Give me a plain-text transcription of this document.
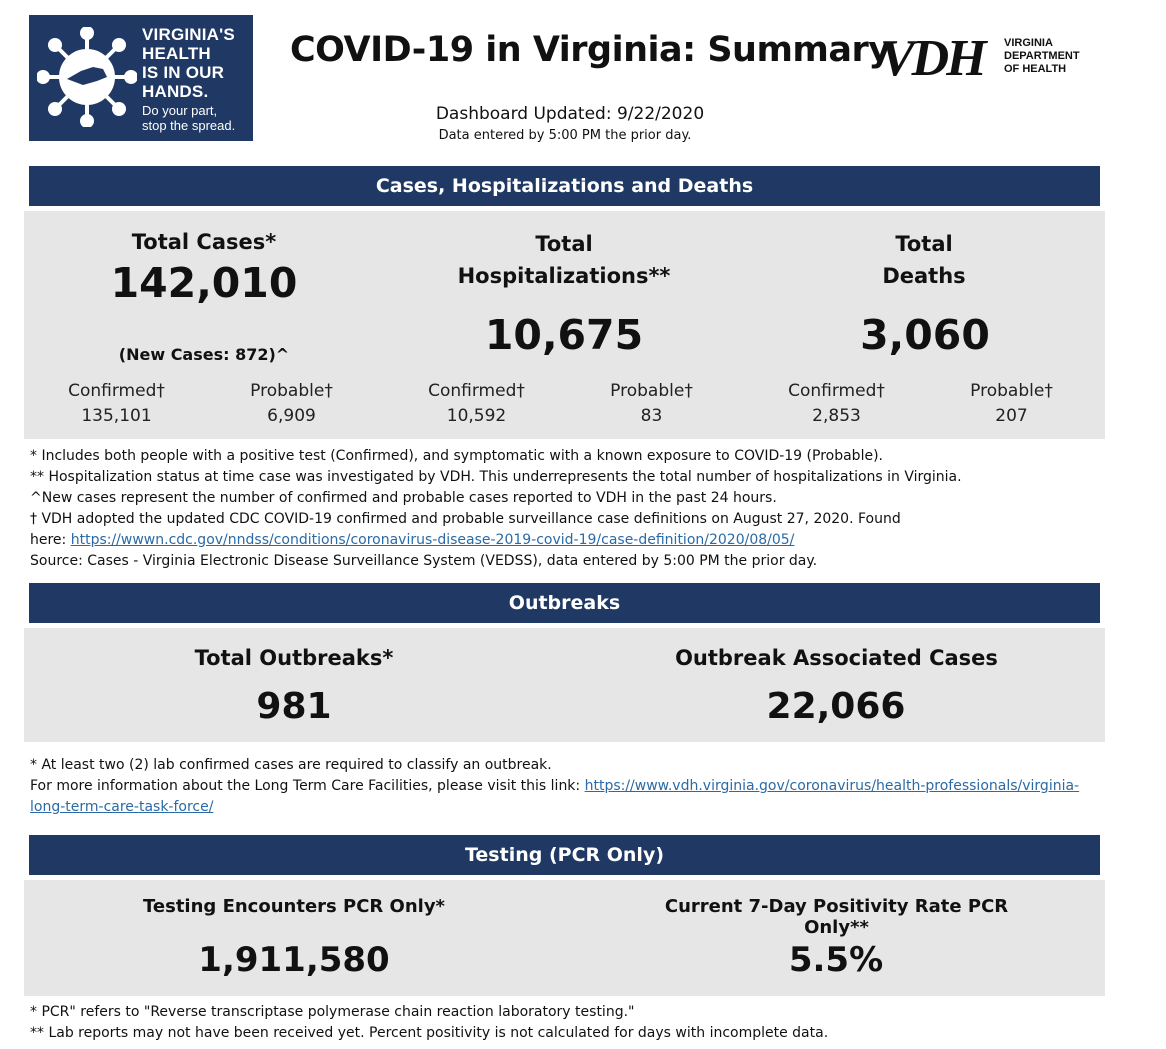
VIRGINIA'S
HEALTH
IS IN OUR
HANDS.
Do your part,
stop the spread.
COVID-19 in Virginia: Summary
VDH VIRGINIA
DEPARTMENT
OF HEALTH
Dashboard Updated: 9/22/2020
Data entered by 5:00 PM the prior day.
Cases, Hospitalizations and Deaths
Total Cases*
142,010
(New Cases: 872)^
Confirmed†
135,101
Probable†
6,909
Total
Hospitalizations**
10,675
Confirmed†
10,592
Probable†
83
Total
Deaths
3,060
Confirmed†
2,853
Probable†
207
* Includes both people with a positive test (Confirmed), and symptomatic with a known exposure to COVID-19 (Probable).
** Hospitalization status at time case was investigated by VDH. This underrepresents the total number of hospitalizations in Virginia.
^New cases represent the number of confirmed and probable cases reported to VDH in the past 24 hours.
† VDH adopted the updated CDC COVID-19 confirmed and probable surveillance case definitions on August 27, 2020. Found
here: https://wwwn.cdc.gov/nndss/conditions/coronavirus-disease-2019-covid-19/case-definition/2020/08/05/
Source: Cases - Virginia Electronic Disease Surveillance System (VEDSS), data entered by 5:00 PM the prior day.
Outbreaks
Total Outbreaks*
981
Outbreak Associated Cases
22,066
* At least two (2) lab confirmed cases are required to classify an outbreak.
For more information about the Long Term Care Facilities, please visit this link: https://www.vdh.virginia.gov/coronavirus/health-professionals/virginia-
long-term-care-task-force/
Testing (PCR Only)
Testing Encounters PCR Only*
1,911,580
Current 7-Day Positivity Rate PCR Only**
5.5%
* PCR" refers to "Reverse transcriptase polymerase chain reaction laboratory testing."
** Lab reports may not have been received yet. Percent positivity is not calculated for days with incomplete data.
